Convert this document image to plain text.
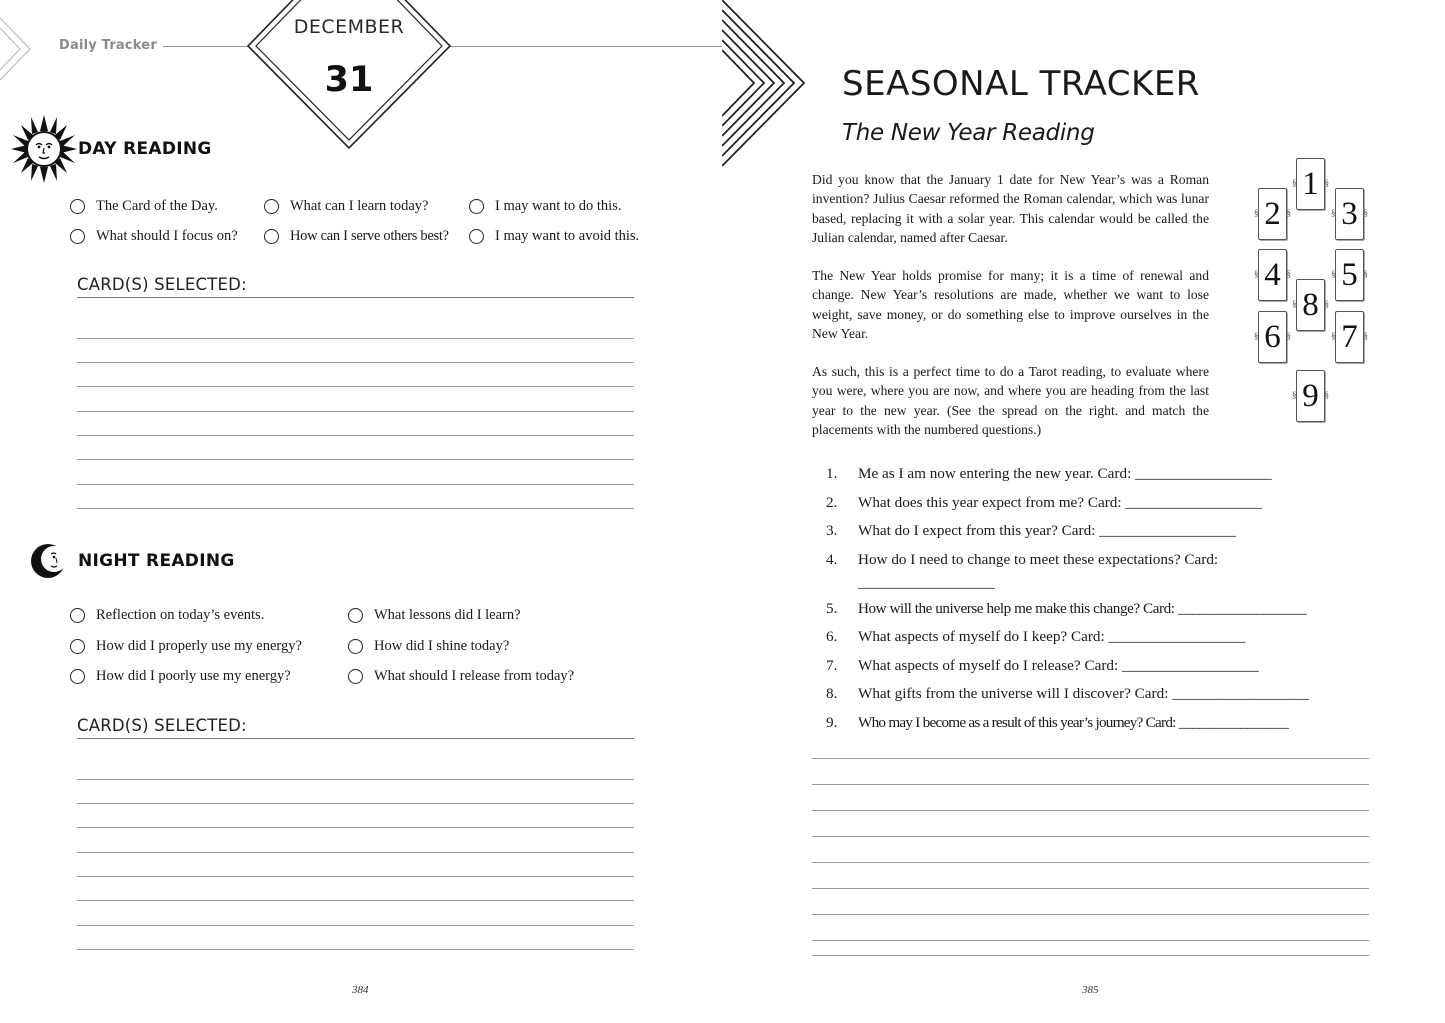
Daily Tracker
DECEMBER
31
DAY READING
The Card of the Day.	What can I learn today?	I may want to do this.
What should I focus on?	How can I serve others best?	I may want to avoid this.
CARD(S) SELECTED:
NIGHT READING
Reflection on today’s events.	What lessons did I learn?
How did I properly use my energy?	How did I shine today?
How did I poorly use my energy?	What should I release from today?
CARD(S) SELECTED:
384
SEASONAL TRACKER
The New Year Reading

Did you know that the January 1 date for New Year’s was a Roman invention? Julius Caesar reformed the Roman calendar, which was lunar based, replacing it with a solar year. This calendar would be called the Julian calendar, named after Caesar.

The New Year holds promise for many; it is a time of renewal and change. New Year’s resolutions are made, whether we want to lose weight, save money, or do something else to improve ourselves in the New Year.

As such, this is a perfect time to do a Tarot reading, to evaluate where you were, where you are now, and where you are heading from the last year to the new year. (See the spread on the right. and match the placements with the numbered questions.)

§ 1 §
§ 2 §	§ 3 §
§ 4 §	§ 5 §
§ 6 §	§ 7 §
§ 8 §
§ 9 §
1.	Me as I am now entering the new year. Card: __________________
2.	What does this year expect from me? Card: __________________
3.	What do I expect from this year? Card: __________________
4.	How do I need to change to meet these expectations? Card:
__________________
5.	How will the universe help me make this change? Card: __________________
6.	What aspects of myself do I keep? Card: __________________
7.	What aspects of myself do I release? Card: __________________
8.	What gifts from the universe will I discover? Card: __________________
9.	Who may I become as a result of this year’s journey? Card: ________________
385
